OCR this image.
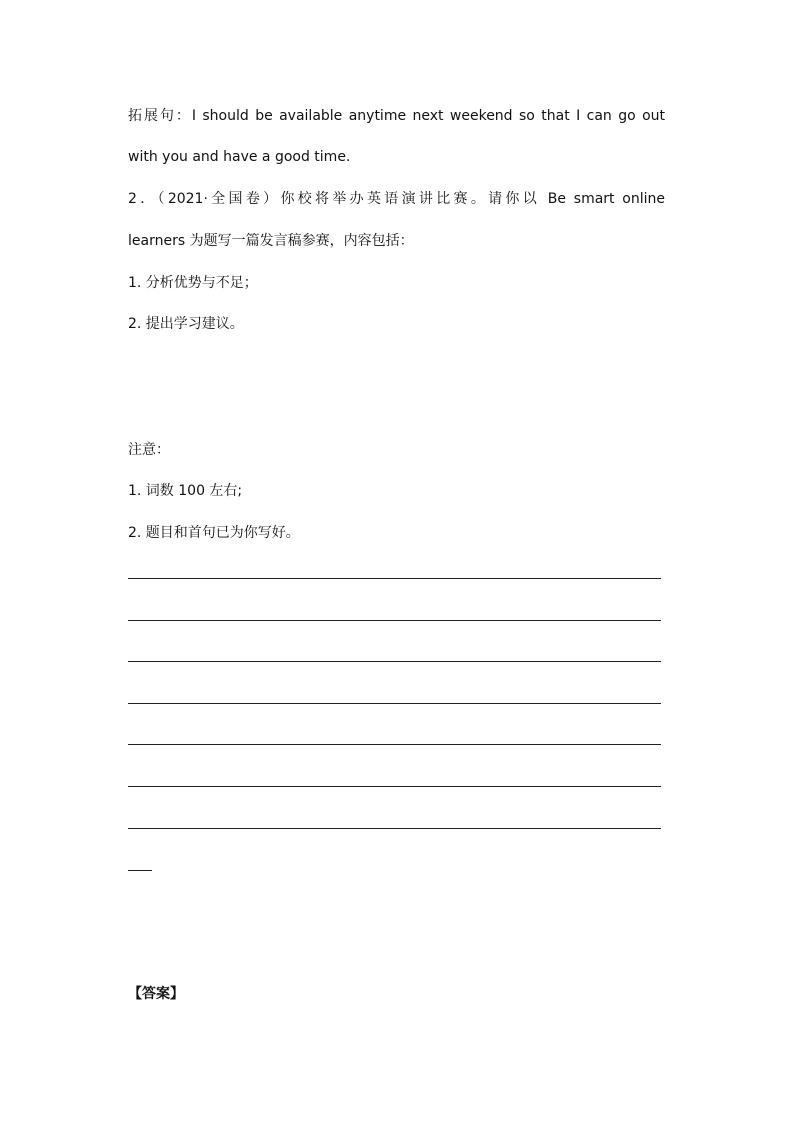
拓展句：I should be available anytime next weekend so that I can go out
with you and have a good time.
2．（2021·全国卷）你校将举办英语演讲比赛。请你以 Be smart online
learners 为题写一篇发言稿参赛，内容包括：
1. 分析优势与不足；
2. 提出学习建议。
注意：
1. 词数 100 左右;
2. 题目和首句已为你写好。
【答案】
